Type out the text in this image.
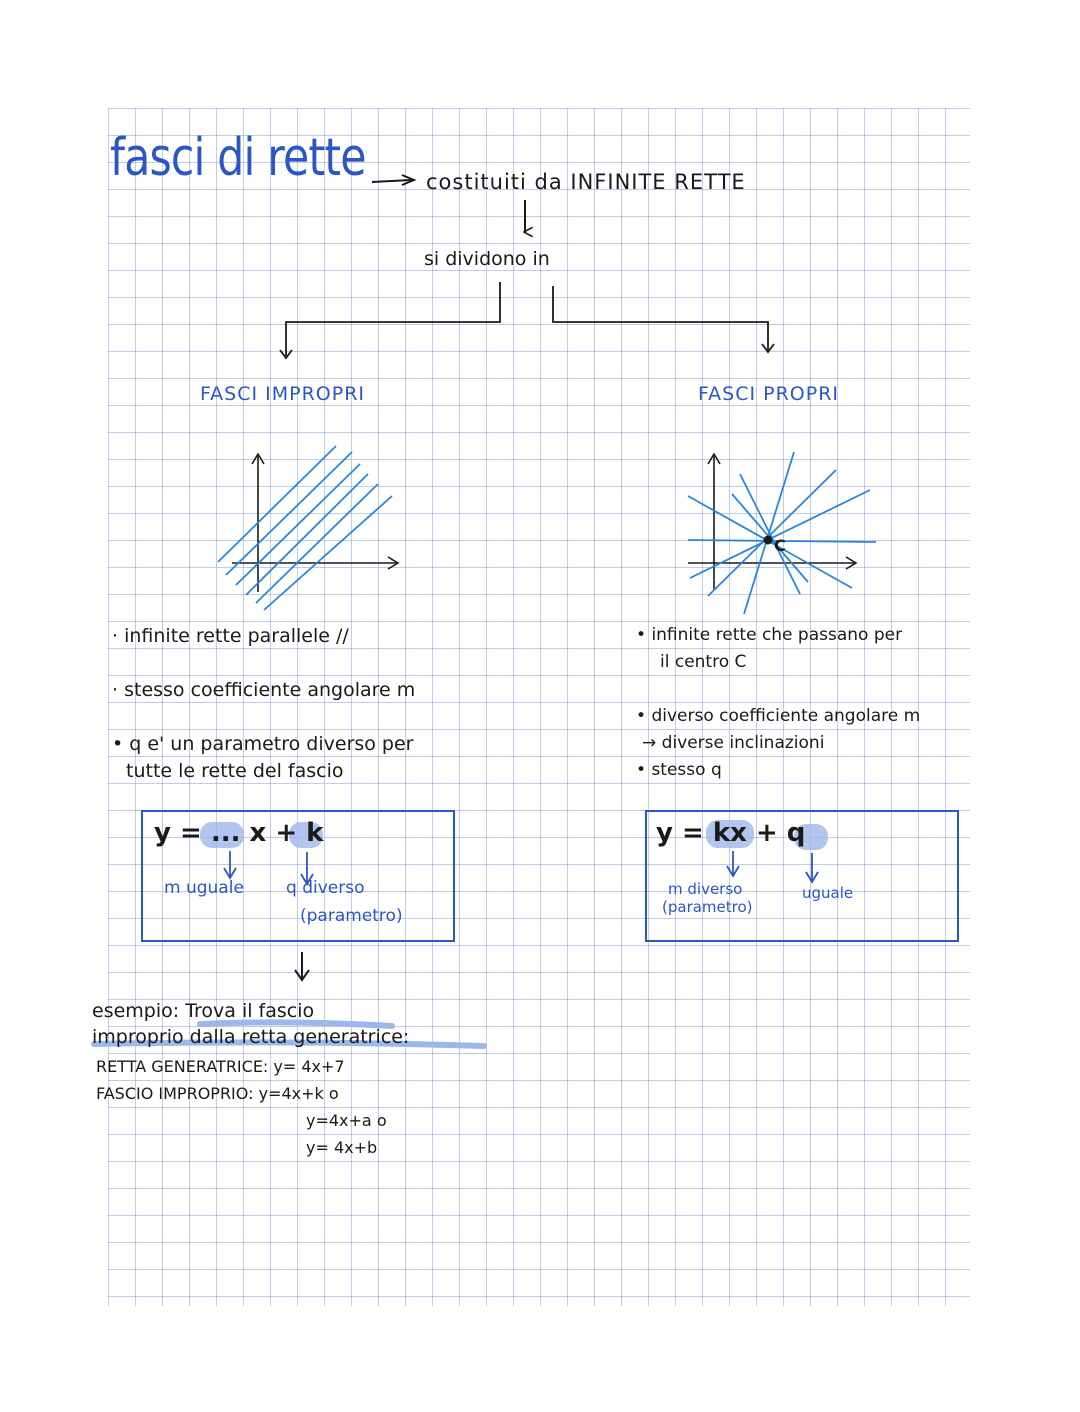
fasci di rette	costituiti da INFINITE RETTE
si dividono in
FASCI IMPROPRI	FASCI PROPRI
C
· infinite rette parallele //
· stesso coefficiente angolare m
• q e' un parametro diverso per
tutte le rette del fascio
• infinite rette che passano per
il centro C
• diverso coefficiente angolare m
→ diverse inclinazioni
• stesso q
y = ... x + k
m uguale q diverso
(parametro)
y = kx + q
m diverso
(parametro)
uguale
esempio: Trova il fascio
improprio dalla retta generatrice:
RETTA GENERATRICE: y= 4x+7
FASCIO IMPROPRIO: y=4x+k o
y=4x+a o
y= 4x+b
